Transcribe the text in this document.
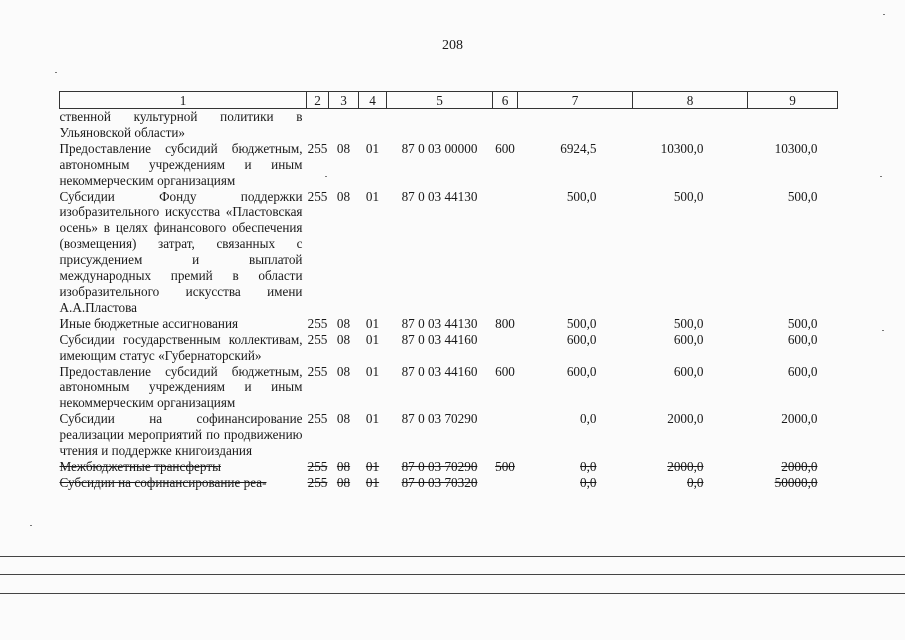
208
1	2	3	4	5	6	7	8	9
ственной культурной политики в Ульяновской области»								
Предоставление субсидий бюджетным, автономным учреждениям и иным некоммерческим организациям	255	08	01	87 0 03 00000	600	6924,5	10300,0	10300,0
Субсидии Фонду поддержки изобразительного искусства «Пластовская осень» в целях финансового обеспечения (возмещения) затрат, связанных с присуждением и выплатой международных премий в области изобразительного искусства имени А.А.Пластова	255	08	01	87 0 03 44130		500,0	500,0	500,0
Иные бюджетные ассигнования	255	08	01	87 0 03 44130	800	500,0	500,0	500,0
Субсидии государственным коллективам, имеющим статус «Губернаторский»	255	08	01	87 0 03 44160		600,0	600,0	600,0
Предоставление субсидий бюджетным, автономным учреждениям и иным некоммерческим организациям	255	08	01	87 0 03 44160	600	600,0	600,0	600,0
Субсидии на софинансирование реализации мероприятий по продвижению чтения и поддержке книгоиздания	255	08	01	87 0 03 70290		0,0	2000,0	2000,0
Межбюджетные трансферты	255	08	01	87 0 03 70290	500	0,0	2000,0	2000,0
Субсидии на софинансирование реа-	255	08	01	87 0 03 70320		0,0	0,0	50000,0
